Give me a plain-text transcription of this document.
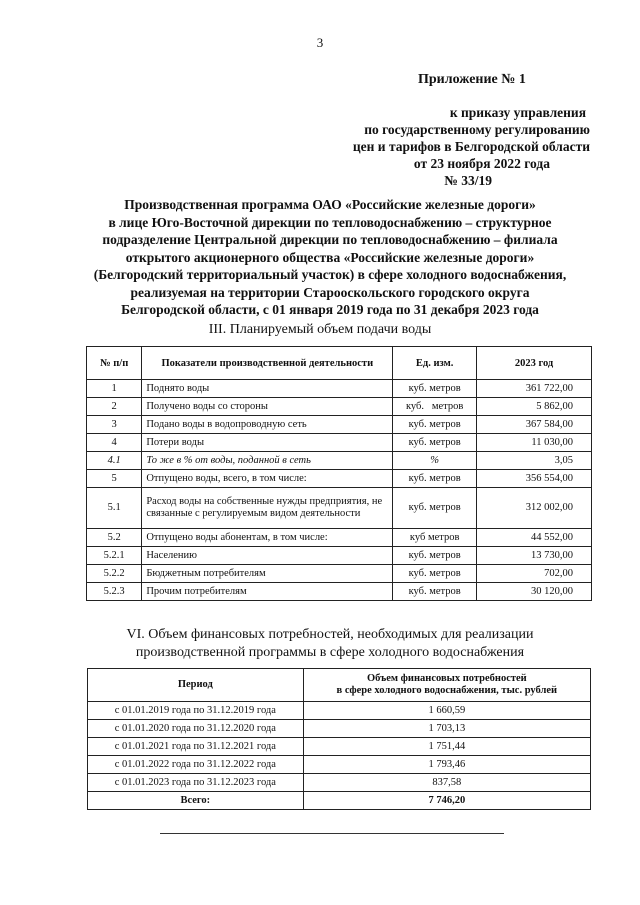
3
Приложение № 1
к приказу управления
по государственному регулированию
цен и тарифов в Белгородской области
от 23 ноября 2022 года
№ 33/19
Производственная программа ОАО «Российские железные дороги»
в лице Юго-Восточной дирекции по тепловодоснабжению – структурное
подразделение Центральной дирекции по тепловодоснабжению – филиала
открытого акционерного общества «Российские железные дороги»
(Белгородский территориальный участок) в сфере холодного водоснабжения,
реализуемая на территории Старооскольского городского округа
Белгородской области, с 01 января 2019 года по 31 декабря 2023 года
III. Планируемый объем подачи воды
№ п/п	Показатели производственной деятельности	Ед. изм.	2023 год
1	Поднято воды	куб. метров	361 722,00
2	Получено воды со стороны	куб.   метров	5 862,00
3	Подано воды в водопроводную сеть	куб. метров	367 584,00
4	Потери воды	куб. метров	11 030,00
4.1	То же в % от воды, поданной в сеть	%	3,05
5	Отпущено воды, всего, в том числе:	куб. метров	356 554,00
5.1	Расход воды на собственные нужды предприятия, не связанные с регулируемым видом деятельности	куб. метров	312 002,00
5.2	Отпущено воды абонентам, в том числе:	куб метров	44 552,00
5.2.1	Населению	куб. метров	13 730,00
5.2.2	Бюджетным потребителям	куб. метров	702,00
5.2.3	Прочим потребителям	куб. метров	30 120,00
VI. Объем финансовых потребностей, необходимых для реализации
производственной программы в сфере холодного водоснабжения
Период	Объем финансовых потребностей
в сфере холодного водоснабжения, тыс. рублей

с 01.01.2019 года по 31.12.2019 года	1 660,59
с 01.01.2020 года по 31.12.2020 года	1 703,13
с 01.01.2021 года по 31.12.2021 года	1 751,44
с 01.01.2022 года по 31.12.2022 года	1 793,46
с 01.01.2023 года по 31.12.2023 года	837,58
Всего:	7 746,20
